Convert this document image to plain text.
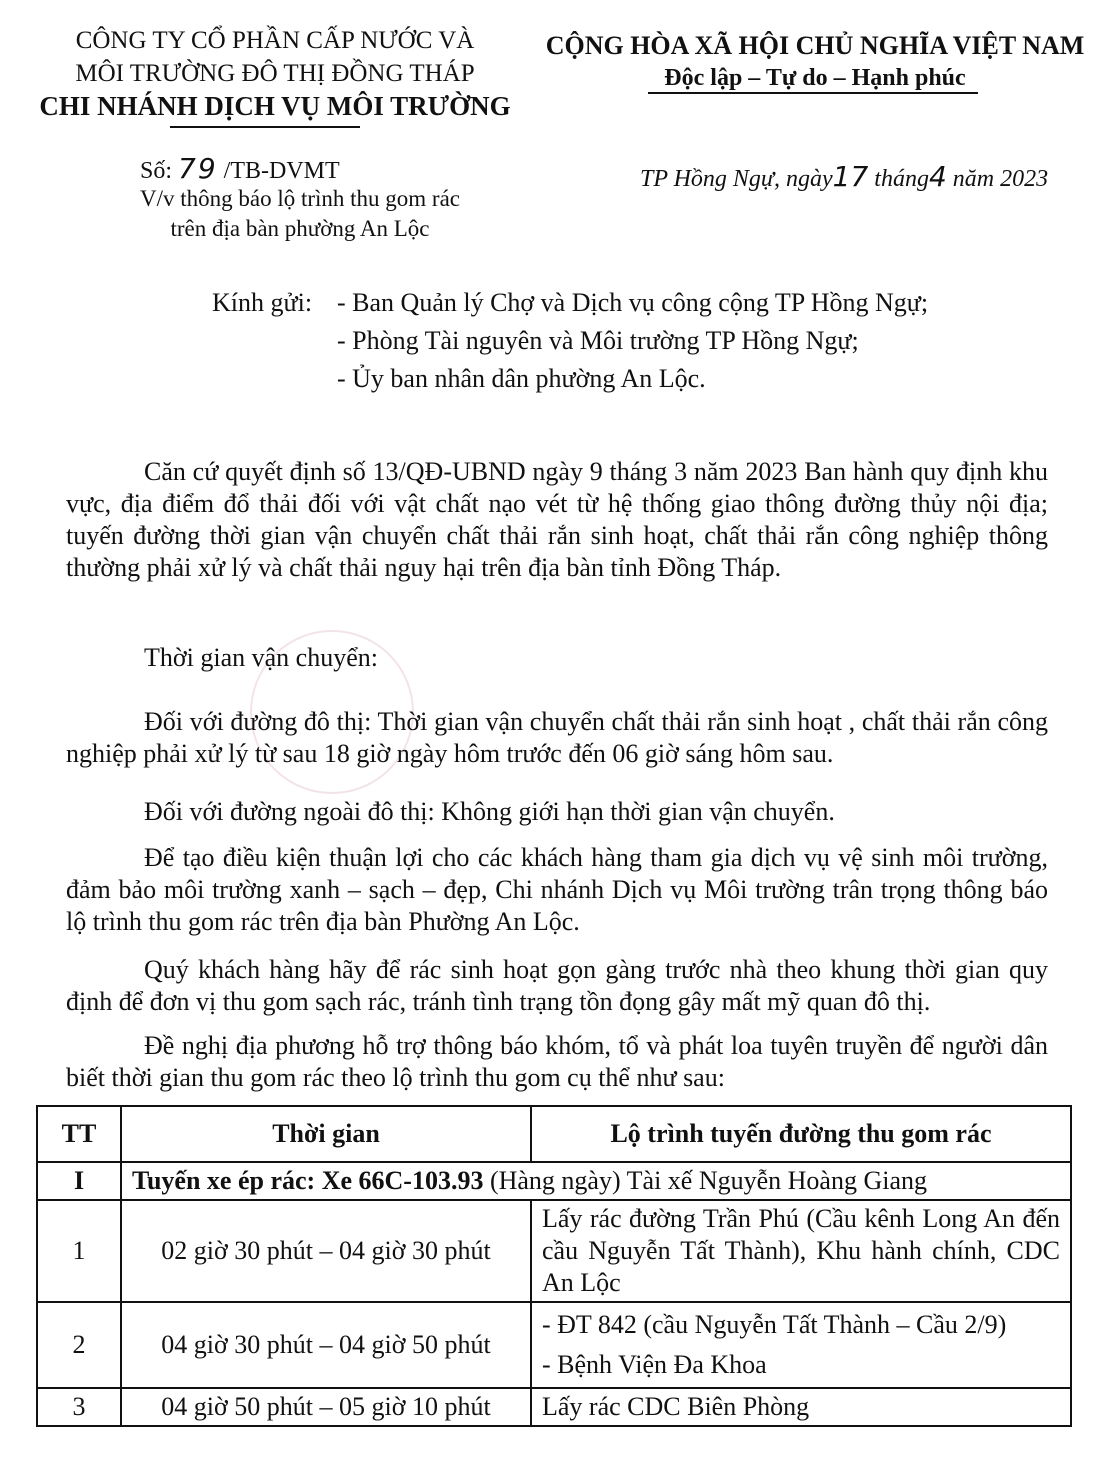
CÔNG TY CỔ PHẦN CẤP NƯỚC VÀ
MÔI TRƯỜNG ĐÔ THỊ ĐỒNG THÁP
CHI NHÁNH DỊCH VỤ MÔI TRƯỜNG
CỘNG HÒA XÃ HỘI CHỦ NGHĨA VIỆT NAM
Độc lập – Tự do – Hạnh phúc
Số: 79 /TB-DVMT
V/v thông báo lộ trình thu gom rác
trên địa bàn phường An Lộc
TP Hồng Ngự, ngày17 tháng4 năm 2023
Kính gửi: - Ban Quản lý Chợ và Dịch vụ công cộng TP Hồng Ngự;
- Phòng Tài nguyên và Môi trường TP Hồng Ngự;
- Ủy ban nhân dân phường An Lộc.
Căn cứ quyết định số 13/QĐ-UBND ngày 9 tháng 3 năm 2023 Ban hành quy định khu vực, địa điểm đổ thải đối với vật chất nạo vét từ hệ thống giao thông đường thủy nội địa; tuyến đường thời gian vận chuyển chất thải rắn sinh hoạt, chất thải rắn công nghiệp thông thường phải xử lý và chất thải nguy hại trên địa bàn tỉnh Đồng Tháp.
Thời gian vận chuyển:
Đối với đường đô thị: Thời gian vận chuyển chất thải rắn sinh hoạt , chất thải rắn công nghiệp phải xử lý từ sau 18 giờ ngày hôm trước đến 06 giờ sáng hôm sau.
Đối với đường ngoài đô thị: Không giới hạn thời gian vận chuyển.
Để tạo điều kiện thuận lợi cho các khách hàng tham gia dịch vụ vệ sinh môi trường, đảm bảo môi trường xanh – sạch – đẹp, Chi nhánh Dịch vụ Môi trường trân trọng thông báo lộ trình thu gom rác trên địa bàn Phường An Lộc.
Quý khách hàng hãy để rác sinh hoạt gọn gàng trước nhà theo khung thời gian quy định để đơn vị thu gom sạch rác, tránh tình trạng tồn đọng gây mất mỹ quan đô thị.
Đề nghị địa phương hỗ trợ thông báo khóm, tổ và phát loa tuyên truyền để người dân biết thời gian thu gom rác theo lộ trình thu gom cụ thể như sau:
TT	Thời gian	Lộ trình tuyến đường thu gom rác
I	Tuyến xe ép rác: Xe 66C-103.93 (Hàng ngày) Tài xế Nguyễn Hoàng Giang	
1	02 giờ 30 phút – 04 giờ 30 phút	Lấy rác đường Trần Phú (Cầu kênh Long An đến cầu Nguyễn Tất Thành), Khu hành chính, CDC An Lộc
2	04 giờ 30 phút – 04 giờ 50 phút	- ĐT 842 (cầu Nguyễn Tất Thành – Cầu 2/9)
- Bệnh Viện Đa Khoa

3	04 giờ 50 phút – 05 giờ 10 phút	Lấy rác CDC Biên Phòng
